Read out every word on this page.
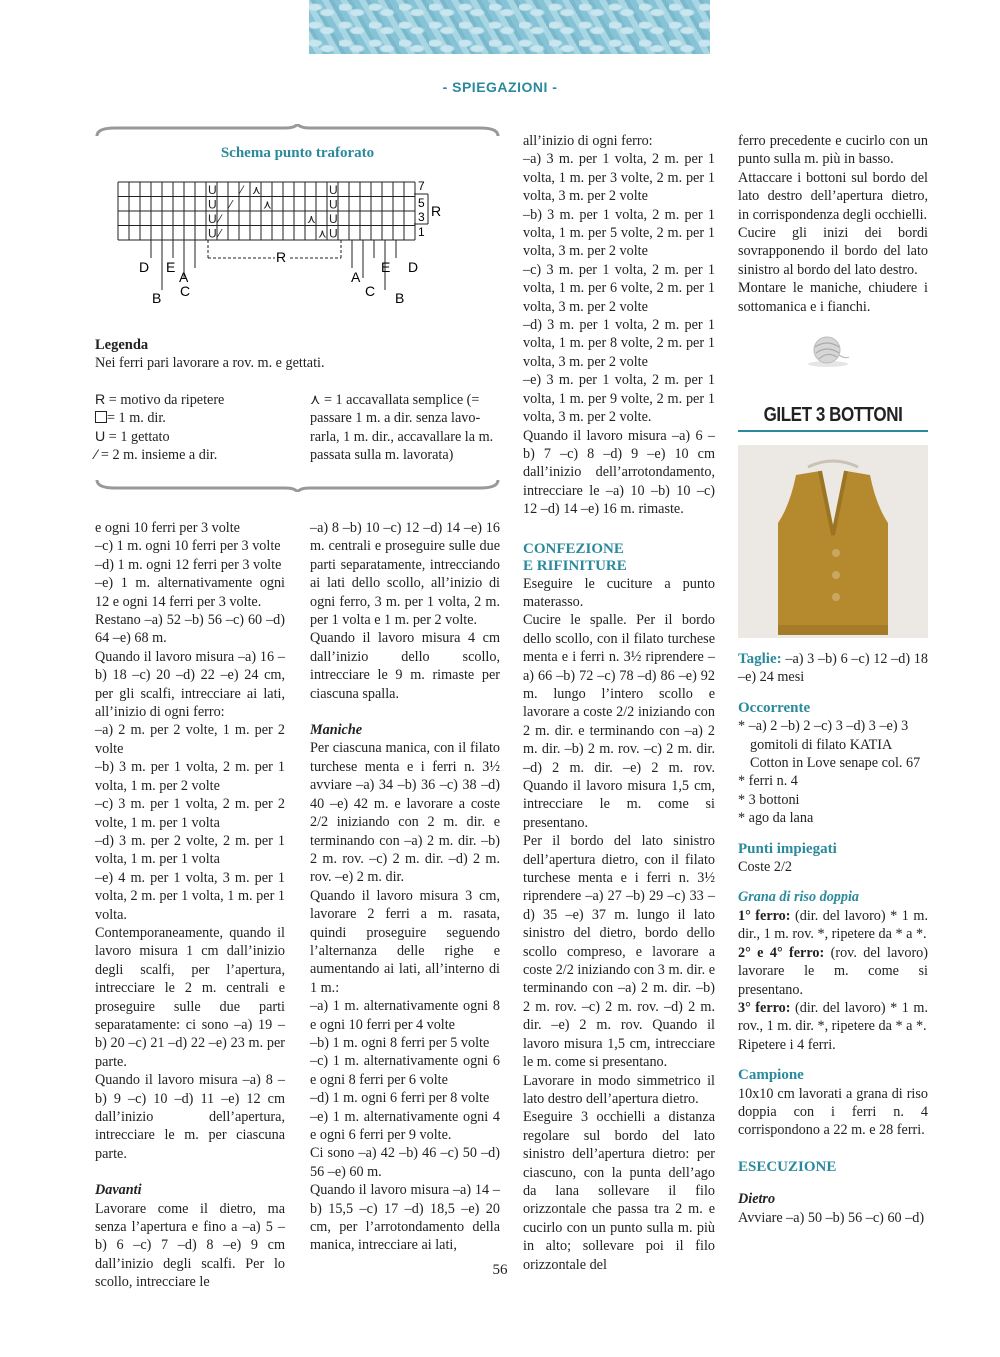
- SPIEGAZIONI -
Schema punto traforato
U ⁄ ⋏	U
U ⁄	⋏	U
U ⁄	⋏ U
U ⁄	⋏ U
D E
A
B C
R
A
E D
C B
7
5
3
1
R
Legenda
Nei ferri pari lavorare a rov. m. e gettati.
R = motivo da ripetere
= 1 m. dir.
U = 1 gettato
⁄ = 2 m. insieme a dir.
⋏ = 1 accavallata semplice (=
passare 1 m. a dir. senza lavo-
rarla, 1 m. dir., accavallare la m.
passata sulla m. lavorata)

e ogni 10 ferri per 3 volte

–c) 1 m. ogni 10 ferri per 3 volte

–d) 1 m. ogni 12 ferri per 3 volte

–e) 1 m. alternativamente ogni 12 e ogni 14 ferri per 3 volte.

Restano –a) 52 –b) 56 –c) 60 –d) 64 –e) 68 m.

Quando il lavoro misura –a) 16 –b) 18 –c) 20 –d) 22 –e) 24 cm, per gli scalfi, intrecciare ai lati, all’inizio di ogni ferro:

–a) 2 m. per 2 volte, 1 m. per 2 volte

–b) 3 m. per 1 volta, 2 m. per 1 volta, 1 m. per 2 volte

–c) 3 m. per 1 volta, 2 m. per 2 volte, 1 m. per 1 volta

–d) 3 m. per 2 volte, 2 m. per 1 volta, 1 m. per 1 volta

–e) 4 m. per 1 volta, 3 m. per 1 volta, 2 m. per 1 volta, 1 m. per 1 volta.

Contemporaneamente, quando il lavoro misura 1 cm dall’inizio degli scalfi, per l’apertura, intrecciare le 2 m. centrali e proseguire sulle due parti separatamente: ci sono –a) 19 –b) 20 –c) 21 –d) 22 –e) 23 m. per parte.

Quando il lavoro misura –a) 8 –b) 9 –c) 10 –d) 11 –e) 12 cm dall’inizio dell’apertura, intrecciare le m. per ciascuna parte.

Davanti

Lavorare come il dietro, ma senza l’apertura e fino a –a) 5 –b) 6 –c) 7 –d) 8 –e) 9 cm dall’inizio degli scalfi. Per lo scollo, intrecciare le

–a) 8 –b) 10 –c) 12 –d) 14 –e) 16 m. centrali e proseguire sulle due parti separatamente, intrecciando ai lati dello scollo, all’inizio di ogni ferro, 3 m. per 1 volta, 2 m. per 1 volta e 1 m. per 2 volte.

Quando il lavoro misura 4 cm dall’inizio dello scollo, intrecciare le 9 m. rimaste per ciascuna spalla.

Maniche

Per ciascuna manica, con il filato turchese menta e i ferri n. 3½ avviare –a) 34 –b) 36 –c) 38 –d) 40 –e) 42 m. e lavorare a coste 2/2 iniziando con 2 m. dir. e terminando con –a) 2 m. dir. –b) 2 m. rov. –c) 2 m. dir. –d) 2 m. rov. –e) 2 m. dir.

Quando il lavoro misura 3 cm, lavorare 2 ferri a m. rasata, quindi proseguire seguendo l’alternanza delle righe e aumentando ai lati, all’interno di 1 m.:

–a) 1 m. alternativamente ogni 8 e ogni 10 ferri per 4 volte

–b) 1 m. ogni 8 ferri per 5 volte

–c) 1 m. alternativamente ogni 6 e ogni 8 ferri per 6 volte

–d) 1 m. ogni 6 ferri per 8 volte

–e) 1 m. alternativamente ogni 4 e ogni 6 ferri per 9 volte.

Ci sono –a) 42 –b) 46 –c) 50 –d) 56 –e) 60 m.

Quando il lavoro misura –a) 14 –b) 15,5 –c) 17 –d) 18,5 –e) 20 cm, per l’arrotondamento della manica, intrecciare ai lati,

all’inizio di ogni ferro:

–a) 3 m. per 1 volta, 2 m. per 1 volta, 1 m. per 3 volte, 2 m. per 1 volta, 3 m. per 2 volte

–b) 3 m. per 1 volta, 2 m. per 1 volta, 1 m. per 5 volte, 2 m. per 1 volta, 3 m. per 2 volte

–c) 3 m. per 1 volta, 2 m. per 1 volta, 1 m. per 6 volte, 2 m. per 1 volta, 3 m. per 2 volte

–d) 3 m. per 1 volta, 2 m. per 1 volta, 1 m. per 8 volte, 2 m. per 1 volta, 3 m. per 2 volte

–e) 3 m. per 1 volta, 2 m. per 1 volta, 1 m. per 9 volte, 2 m. per 1 volta, 3 m. per 2 volte.

Quando il lavoro misura –a) 6 –b) 7 –c) 8 –d) 9 –e) 10 cm dall’inizio dell’arrotondamento, intrecciare le –a) 10 –b) 10 –c) 12 –d) 14 –e) 16 m. rimaste.

CONFEZIONE
E RIFINITURE

Eseguire le cuciture a punto materasso.

Cucire le spalle. Per il bordo dello scollo, con il filato turchese menta e i ferri n. 3½ riprendere –a) 66 –b) 72 –c) 78 –d) 86 –e) 92 m. lungo l’intero scollo e lavorare a coste 2/2 iniziando con 2 m. dir. e terminando con –a) 2 m. dir. –b) 2 m. rov. –c) 2 m. dir. –d) 2 m. dir. –e) 2 m. rov. Quando il lavoro misura 1,5 cm, intrecciare le m. come si presentano.

Per il bordo del lato sinistro dell’apertura dietro, con il filato turchese menta e i ferri n. 3½ riprendere –a) 27 –b) 29 –c) 33 –d) 35 –e) 37 m. lungo il lato sinistro del dietro, bordo dello scollo compreso, e lavorare a coste 2/2 iniziando con 3 m. dir. e terminando con –a) 2 m. dir. –b) 2 m. rov. –c) 2 m. rov. –d) 2 m. dir. –e) 2 m. rov. Quando il lavoro misura 1,5 cm, intrecciare le m. come si presentano.

Lavorare in modo simmetrico il lato destro dell’apertura dietro.

Eseguire 3 occhielli a distanza regolare sul bordo del lato sinistro dell’apertura dietro: per ciascuno, con la punta dell’ago da lana sollevare il filo orizzontale che passa tra 2 m. e cucirlo con un punto sulla m. più in alto; sollevare poi il filo orizzontale del

ferro precedente e cucirlo con un punto sulla m. più in basso.

Attaccare i bottoni sul bordo del lato destro dell’apertura dietro, in corrispondenza degli occhielli.

Cucire gli inizi dei bordi sovrapponendo il bordo del lato sinistro al bordo del lato destro.

Montare le maniche, chiudere i sottomanica e i fianchi.

GILET 3 BOTTONI

Taglie: –a) 3 –b) 6 –c) 12 –d) 18 –e) 24 mesi

Occorrente

* –a) 2 –b) 2 –c) 3 –d) 3 –e) 3 gomitoli di filato KATIA Cotton in Love senape col. 67

* ferri n. 4

* 3 bottoni

* ago da lana

Punti impiegati

Coste 2/2

Grana di riso doppia

1° ferro: (dir. del lavoro) * 1 m. dir., 1 m. rov. *, ripetere da * a *.

2° e 4° ferro: (rov. del lavoro) lavorare le m. come si presentano.

3° ferro: (dir. del lavoro) * 1 m. rov., 1 m. dir. *, ripetere da * a *.

Ripetere i 4 ferri.

Campione

10x10 cm lavorati a grana di riso doppia con i ferri n. 4 corrispondono a 22 m. e 28 ferri.

ESECUZIONE

Dietro

Avviare –a) 50 –b) 56 –c) 60 –d)

56
